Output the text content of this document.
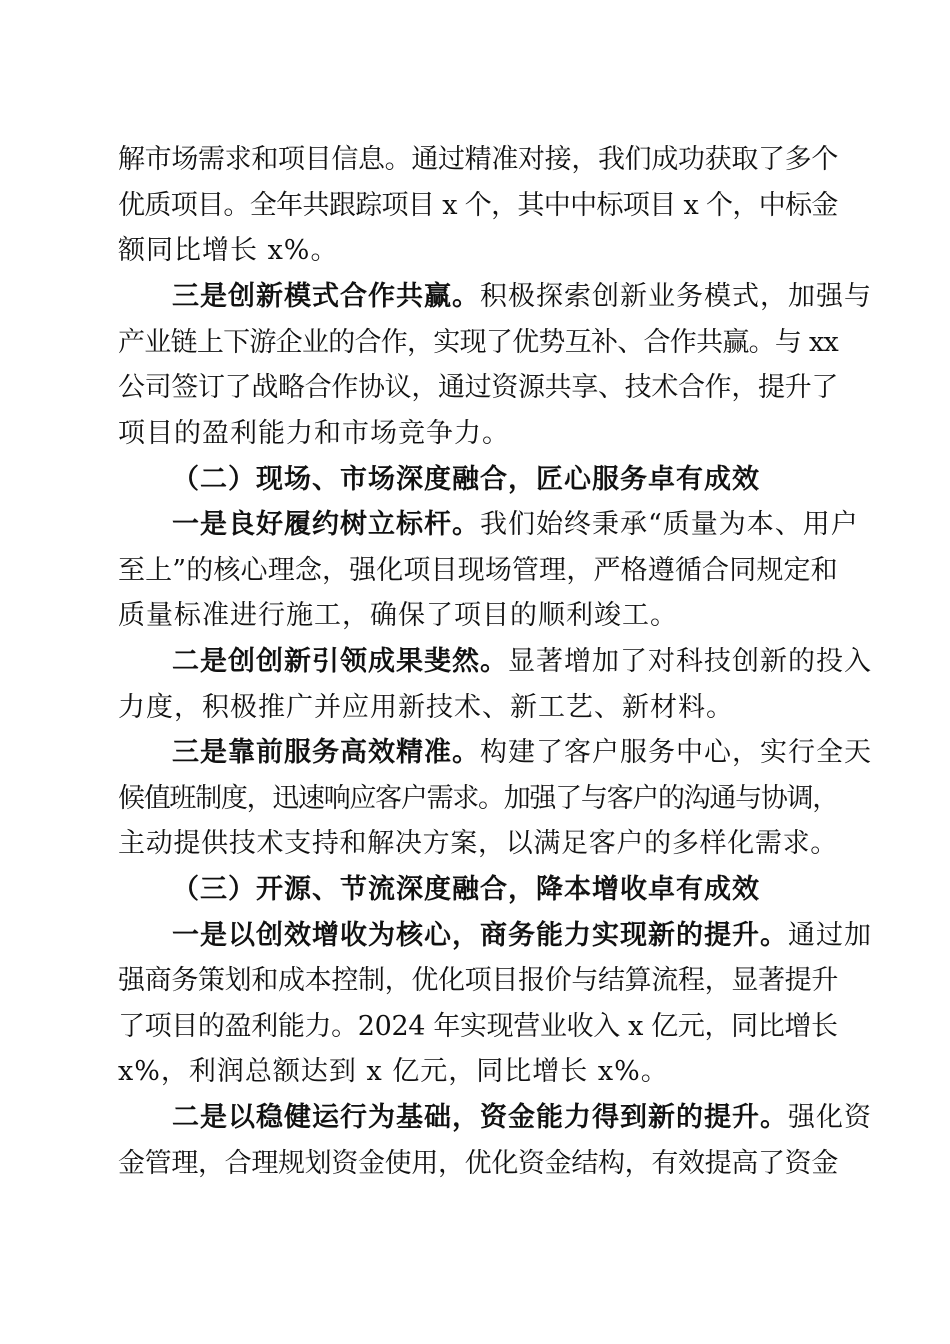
解市场需求和项目信息。通过精准对接，我们成功获取了多个
优质项目。全年共跟踪项目 x 个，其中中标项目 x 个，中标金
额同比增长 x%。
三是创新模式合作共赢。积极探索创新业务模式，加强与
产业链上下游企业的合作，实现了优势互补、合作共赢。与 xx
公司签订了战略合作协议，通过资源共享、技术合作，提升了
项目的盈利能力和市场竞争力。
（二）现场、市场深度融合，匠心服务卓有成效
一是良好履约树立标杆。我们始终秉承“质量为本、用户
至上”的核心理念，强化项目现场管理，严格遵循合同规定和
质量标准进行施工，确保了项目的顺利竣工。
二是创创新引领成果斐然。显著增加了对科技创新的投入
力度，积极推广并应用新技术、新工艺、新材料。
三是靠前服务高效精准。构建了客户服务中心，实行全天
候值班制度，迅速响应客户需求。加强了与客户的沟通与协调，
主动提供技术支持和解决方案，以满足客户的多样化需求。
（三）开源、节流深度融合，降本增收卓有成效
一是以创效增收为核心，商务能力实现新的提升。通过加
强商务策划和成本控制，优化项目报价与结算流程，显著提升
了项目的盈利能力。2024 年实现营业收入 x 亿元，同比增长
x%，利润总额达到 x 亿元，同比增长 x%。
二是以稳健运行为基础，资金能力得到新的提升。强化资
金管理，合理规划资金使用，优化资金结构，有效提高了资金
